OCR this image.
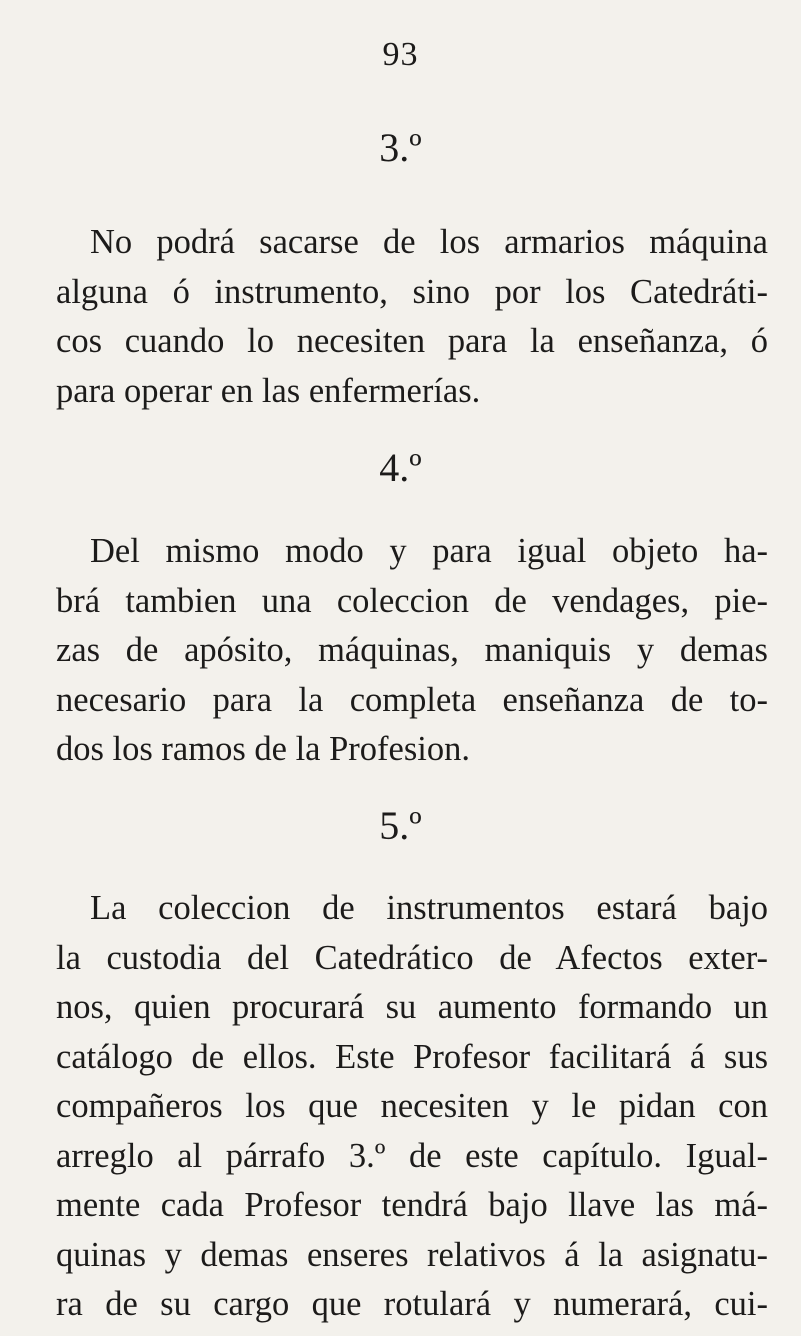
93
3.º
No podrá sacarse de los armarios máquina
alguna ó instrumento, sino por los Catedráti-
cos cuando lo necesiten para la enseñanza, ó
para operar en las enfermerías.
4.º
Del mismo modo y para igual objeto ha-
brá tambien una coleccion de vendages, pie-
zas de apósito, máquinas, maniquis y demas
necesario para la completa enseñanza de to-
dos los ramos de la Profesion.
5.º
La coleccion de instrumentos estará bajo
la custodia del Catedrático de Afectos exter-
nos, quien procurará su aumento formando un
catálogo de ellos. Este Profesor facilitará á sus
compañeros los que necesiten y le pidan con
arreglo al párrafo 3.º de este capítulo. Igual-
mente cada Profesor tendrá bajo llave las má-
quinas y demas enseres relativos á la asignatu-
ra de su cargo que rotulará y numerará, cui-
